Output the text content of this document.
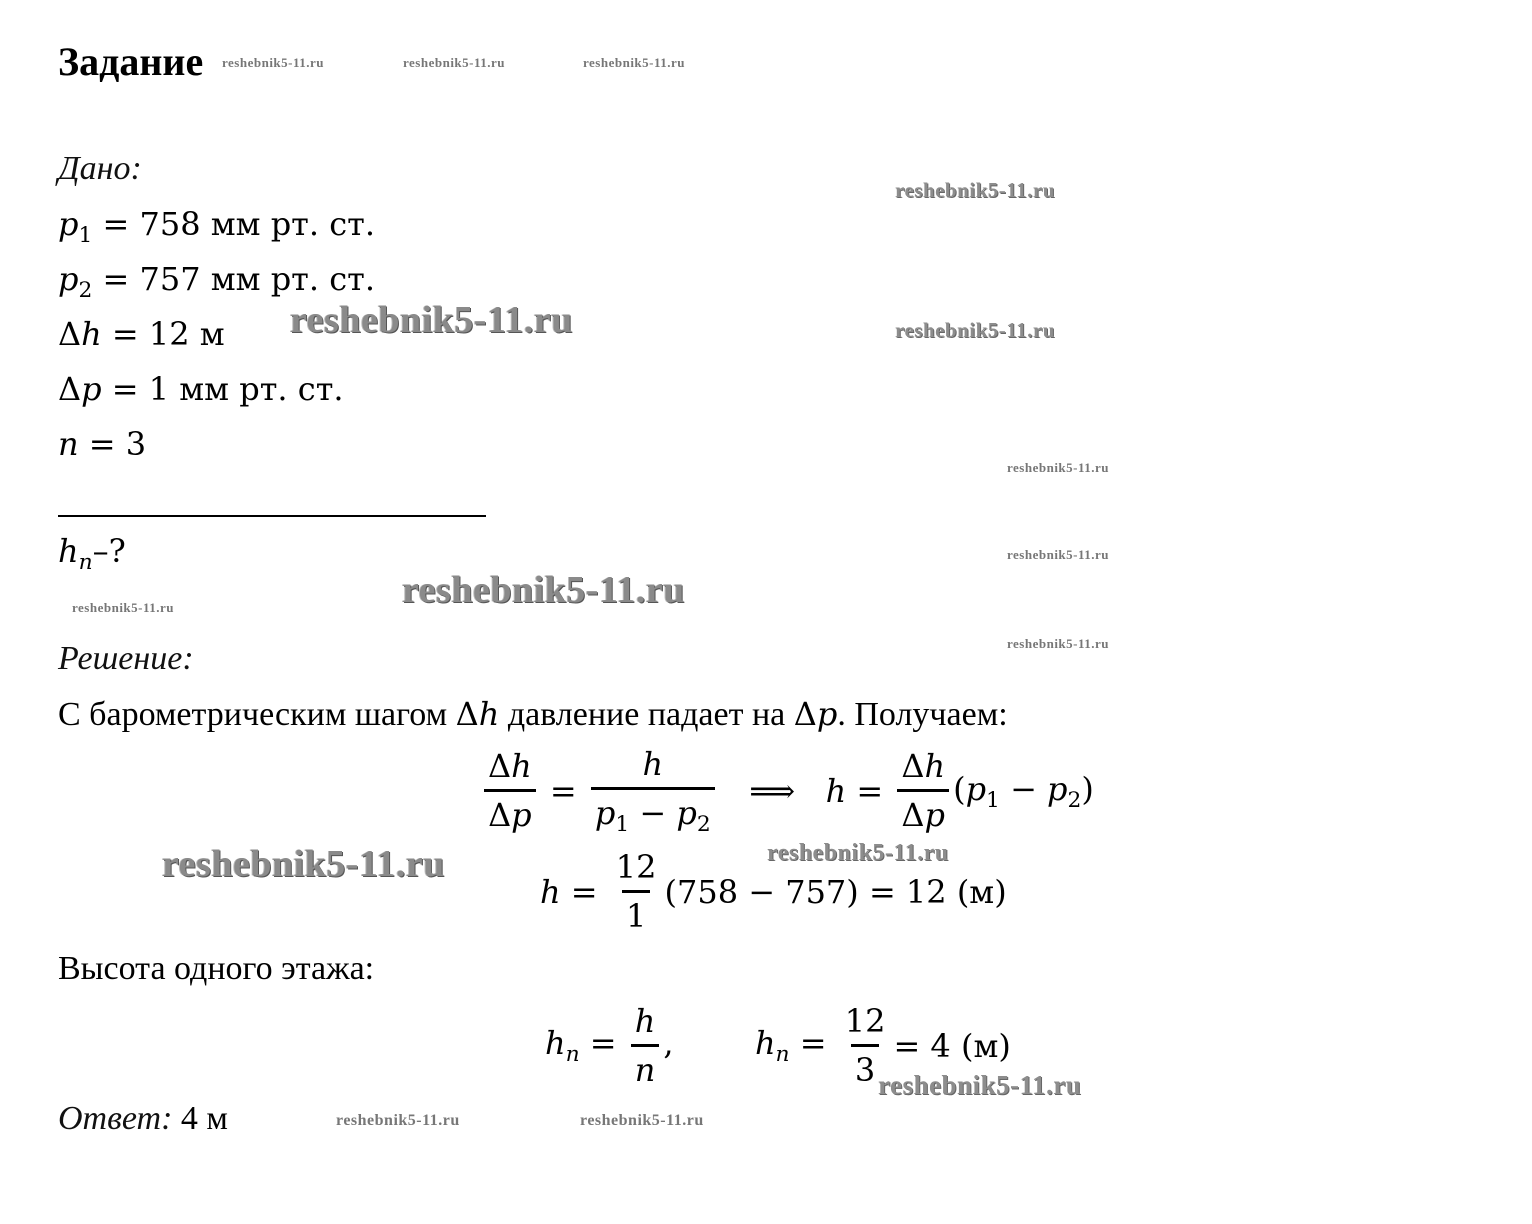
Задание
Дано:
$p_1 = 758$ мм рт. ст.
$p_2 = 757$ мм рт. ст.
Δh = 12 м
Δp = 1 мм рт. ст.
n = 3
$h_n-$?
Решение:
С барометрическим шагом Δh давление падает на Δp. Получаем:
$\frac{\Delta h}{\Delta p} = \frac{h}{p_1 - p_2}$ ⟹   $h = \frac{\Delta h}{\Delta p} (p_1 - p_2)$
$h = \frac{12}{1} (758 - 757) = 12$ (м)
Высота одного этажа:
$h_n = \frac{h}{n}$ ,        $h_n = \frac{12}{3} = 4$ (м)
Ответ: 4 м
reshebnik5-11.ru	reshebnik5-11.ru	reshebnik5-11.ru
reshebnik5-11.ru
reshebnik5-11.ru	reshebnik5-11.ru
reshebnik5-11.ru
reshebnik5-11.ru
reshebnik5-11.ru
reshebnik5-11.ru
reshebnik5-11.ru
reshebnik5-11.ru	reshebnik5-11.ru
reshebnik5-11.ru
reshebnik5-11.ru	reshebnik5-11.ru
